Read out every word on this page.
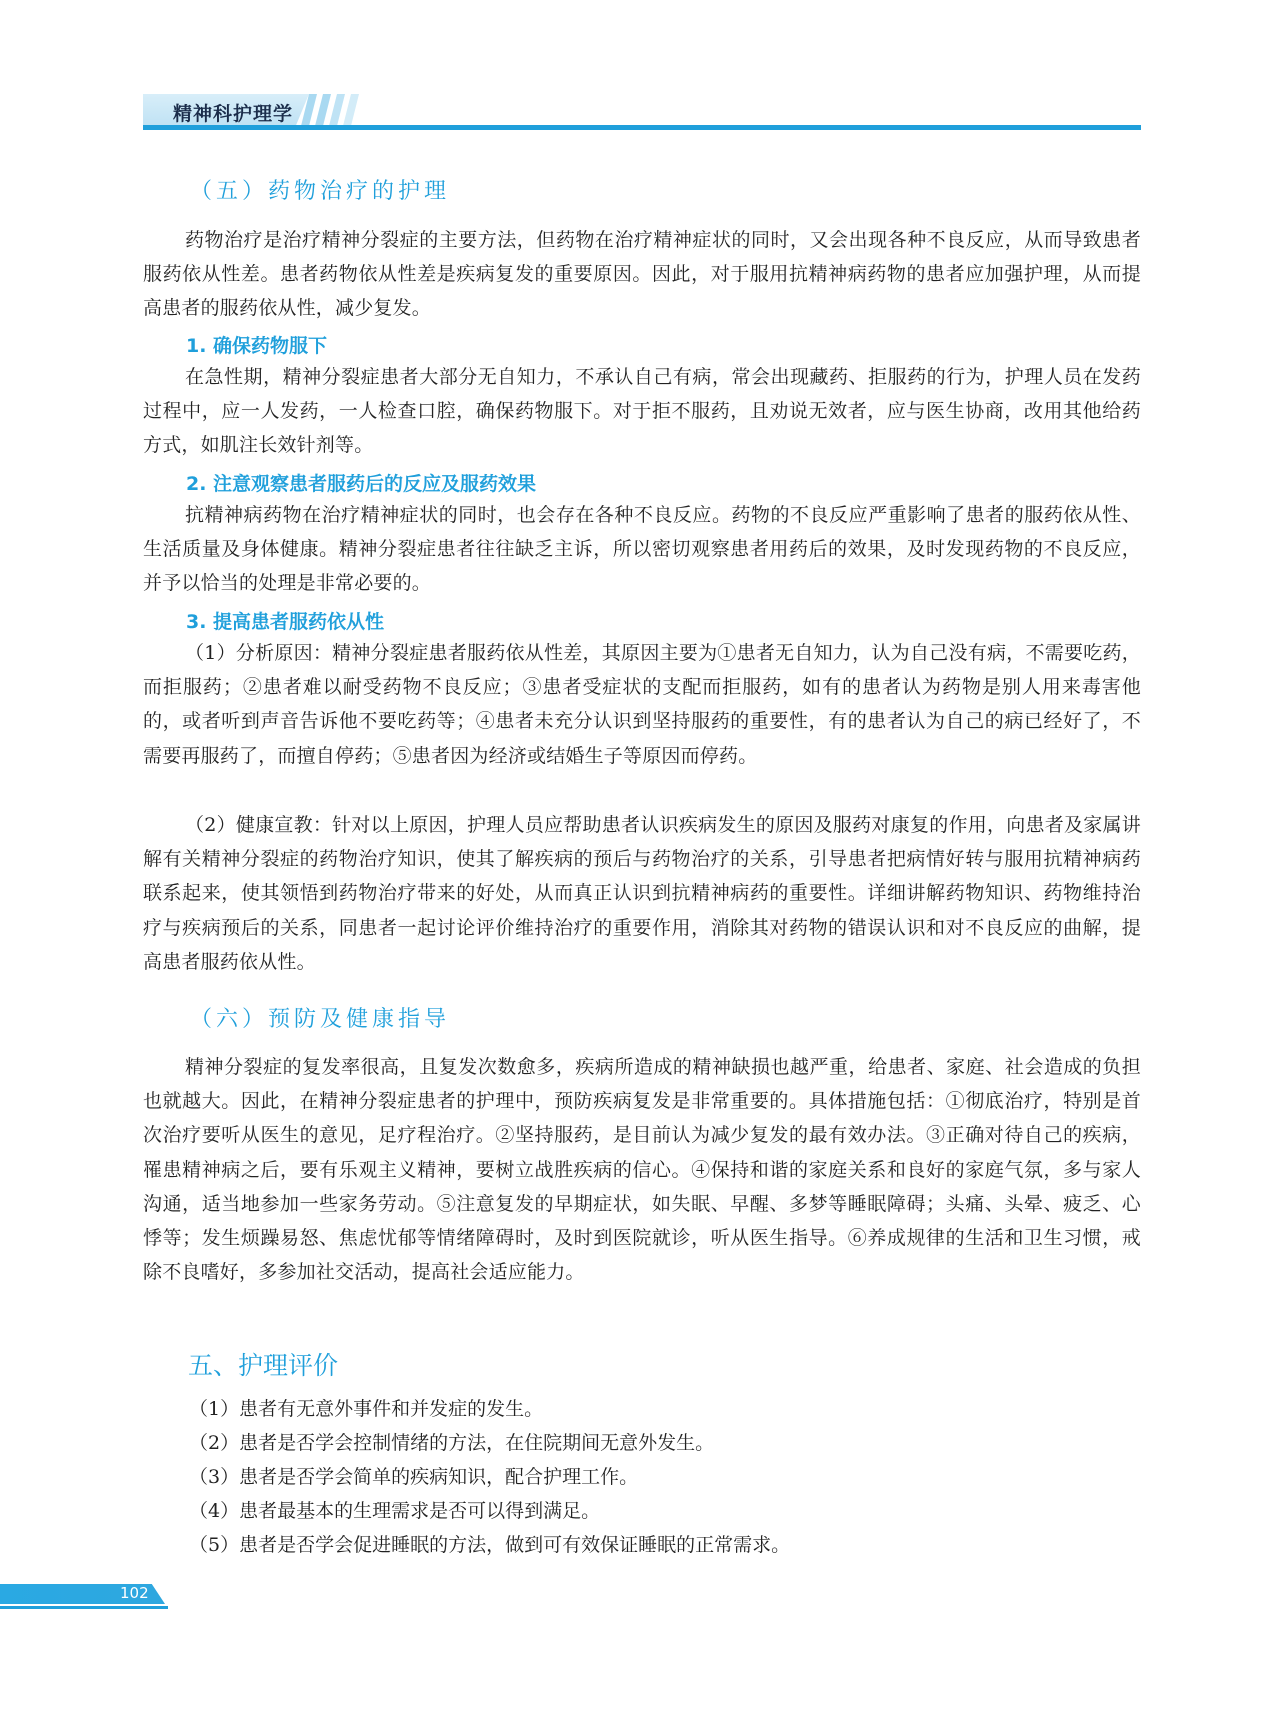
精神科护理学
（五）药物治疗的护理

药物治疗是治疗精神分裂症的主要方法，但药物在治疗精神症状的同时，又会出现各种不良反应，从而导致患者服药依从性差。患者药物依从性差是疾病复发的重要原因。因此，对于服用抗精神病药物的患者应加强护理，从而提高患者的服药依从性，减少复发。

1. 确保药物服下

在急性期，精神分裂症患者大部分无自知力，不承认自己有病，常会出现藏药、拒服药的行为，护理人员在发药过程中，应一人发药，一人检查口腔，确保药物服下。对于拒不服药，且劝说无效者，应与医生协商，改用其他给药方式，如肌注长效针剂等。

2. 注意观察患者服药后的反应及服药效果

抗精神病药物在治疗精神症状的同时，也会存在各种不良反应。药物的不良反应严重影响了患者的服药依从性、生活质量及身体健康。精神分裂症患者往往缺乏主诉，所以密切观察患者用药后的效果，及时发现药物的不良反应，并予以恰当的处理是非常必要的。

3. 提高患者服药依从性

（1）分析原因：精神分裂症患者服药依从性差，其原因主要为①患者无自知力，认为自己没有病，不需要吃药，而拒服药；②患者难以耐受药物不良反应；③患者受症状的支配而拒服药，如有的患者认为药物是别人用来毒害他的，或者听到声音告诉他不要吃药等；④患者未充分认识到坚持服药的重要性，有的患者认为自己的病已经好了，不需要再服药了，而擅自停药；⑤患者因为经济或结婚生子等原因而停药。

（2）健康宣教：针对以上原因，护理人员应帮助患者认识疾病发生的原因及服药对康复的作用，向患者及家属讲解有关精神分裂症的药物治疗知识，使其了解疾病的预后与药物治疗的关系，引导患者把病情好转与服用抗精神病药联系起来，使其领悟到药物治疗带来的好处，从而真正认识到抗精神病药的重要性。详细讲解药物知识、药物维持治疗与疾病预后的关系，同患者一起讨论评价维持治疗的重要作用，消除其对药物的错误认识和对不良反应的曲解，提高患者服药依从性。

（六）预防及健康指导

精神分裂症的复发率很高，且复发次数愈多，疾病所造成的精神缺损也越严重，给患者、家庭、社会造成的负担也就越大。因此，在精神分裂症患者的护理中，预防疾病复发是非常重要的。具体措施包括：①彻底治疗，特别是首次治疗要听从医生的意见，足疗程治疗。②坚持服药，是目前认为减少复发的最有效办法。③正确对待自己的疾病，罹患精神病之后，要有乐观主义精神，要树立战胜疾病的信心。④保持和谐的家庭关系和良好的家庭气氛，多与家人沟通，适当地参加一些家务劳动。⑤注意复发的早期症状，如失眠、早醒、多梦等睡眠障碍；头痛、头晕、疲乏、心悸等；发生烦躁易怒、焦虑忧郁等情绪障碍时，及时到医院就诊，听从医生指导。⑥养成规律的生活和卫生习惯，戒除不良嗜好，多参加社交活动，提高社会适应能力。

五、护理评价
（1）患者有无意外事件和并发症的发生。
（2）患者是否学会控制情绪的方法，在住院期间无意外发生。
（3）患者是否学会简单的疾病知识，配合护理工作。
（4）患者最基本的生理需求是否可以得到满足。
（5）患者是否学会促进睡眠的方法，做到可有效保证睡眠的正常需求。
102
